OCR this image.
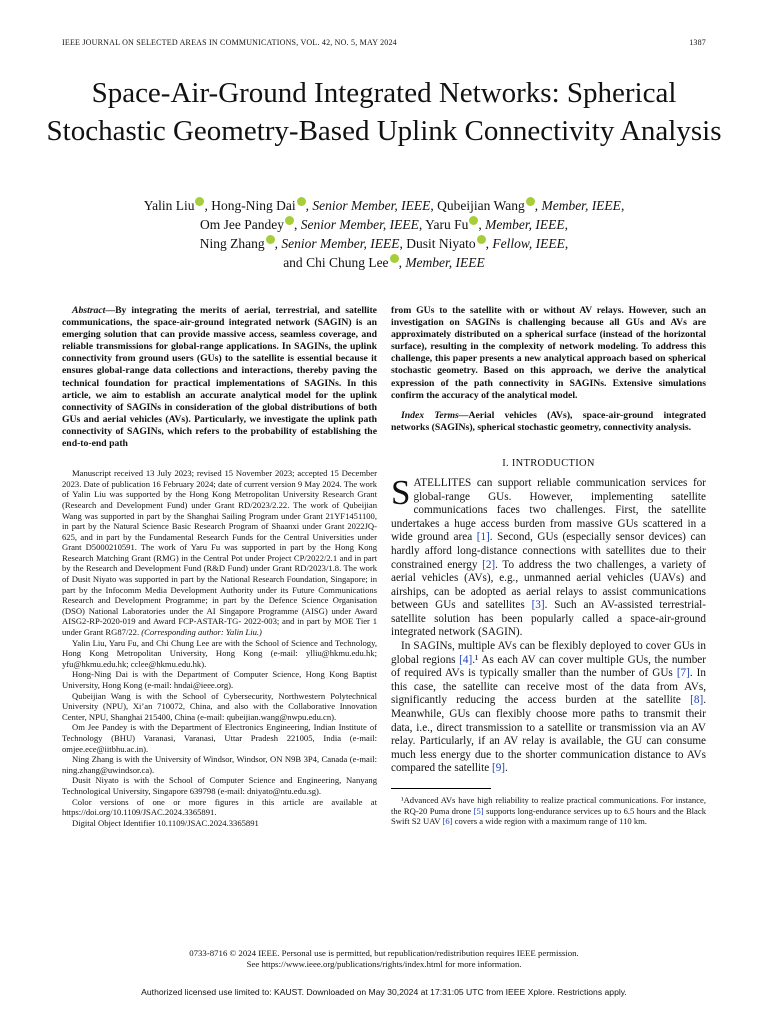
IEEE JOURNAL ON SELECTED AREAS IN COMMUNICATIONS, VOL. 42, NO. 5, MAY 2024	1387
Space-Air-Ground Integrated Networks: Spherical Stochastic Geometry-Based Uplink Connectivity Analysis
Yalin Liu , Hong-Ning Dai , Senior Member, IEEE, Qubeijian Wang , Member, IEEE,
Om Jee Pandey , Senior Member, IEEE, Yaru Fu , Member, IEEE,
Ning Zhang , Senior Member, IEEE, Dusit Niyato , Fellow, IEEE,
and Chi Chung Lee , Member, IEEE

Abstract—By integrating the merits of aerial, terrestrial, and satellite communications, the space-air-ground integrated network (SAGIN) is an emerging solution that can provide massive access, seamless coverage, and reliable transmissions for global-range applications. In SAGINs, the uplink connectivity from ground users (GUs) to the satellite is essential because it ensures global-range data collections and interactions, thereby paving the technical foundation for practical implementations of SAGINs. In this article, we aim to establish an accurate analytical model for the uplink connectivity of SAGINs in consideration of the global distributions of both GUs and aerial vehicles (AVs). Particularly, we investigate the uplink path connectivity of SAGINs, which refers to the probability of establishing the end-to-end path

Manuscript received 13 July 2023; revised 15 November 2023; accepted 15 December 2023. Date of publication 16 February 2024; date of current version 9 May 2024. The work of Yalin Liu was supported by the Hong Kong Metropolitan University Research Grant (Research and Development Fund) under Grant RD/2023/2.22. The work of Qubeijian Wang was supported in part by the Shanghai Sailing Program under Grant 21YF1451100, in part by the Natural Science Basic Research Program of Shaanxi under Grant 2022JQ-625, and in part by the Fundamental Research Funds for the Central Universities under Grant D5000210591. The work of Yaru Fu was supported in part by the Hong Kong Research Matching Grant (RMG) in the Central Pot under Project CP/2022/2.1 and in part by the Research and Development Fund (R&D Fund) under Grant RD/2023/1.8. The work of Dusit Niyato was supported in part by the National Research Foundation, Singapore; in part by the Infocomm Media Development Authority under its Future Communications Research and Development Programme; in part by the Defence Science Organisation (DSO) National Laboratories under the AI Singapore Programme (AISG) under Award AISG2-RP-2020-019 and Award FCP-ASTAR-TG- 2022-003; and in part by MOE Tier 1 under Grant RG87/22. (Corresponding author: Yalin Liu.)

Yalin Liu, Yaru Fu, and Chi Chung Lee are with the School of Science and Technology, Hong Kong Metropolitan University, Hong Kong (e-mail: ylliu@hkmu.edu.hk; yfu@hkmu.edu.hk; cclee@hkmu.edu.hk).

Hong-Ning Dai is with the Department of Computer Science, Hong Kong Baptist University, Hong Kong (e-mail: hndai@ieee.org).

Qubeijian Wang is with the School of Cybersecurity, Northwestern Polytechnical University (NPU), Xi’an 710072, China, and also with the Collaborative Innovation Center, NPU, Shanghai 215400, China (e-mail: qubeijian.wang@nwpu.edu.cn).

Om Jee Pandey is with the Department of Electronics Engineering, Indian Institute of Technology (BHU) Varanasi, Varanasi, Uttar Pradesh 221005, India (e-mail: omjee.ece@iitbhu.ac.in).

Ning Zhang is with the University of Windsor, Windsor, ON N9B 3P4, Canada (e-mail: ning.zhang@uwindsor.ca).

Dusit Niyato is with the School of Computer Science and Engineering, Nanyang Technological University, Singapore 639798 (e-mail: dniyato@ntu.edu.sg).

Color versions of one or more figures in this article are available at https://doi.org/10.1109/JSAC.2024.3365891.

Digital Object Identifier 10.1109/JSAC.2024.3365891

from GUs to the satellite with or without AV relays. However, such an investigation on SAGINs is challenging because all GUs and AVs are approximately distributed on a spherical surface (instead of the horizontal surface), resulting in the complexity of network modeling. To address this challenge, this paper presents a new analytical approach based on spherical stochastic geometry. Based on this approach, we derive the analytical expression of the path connectivity in SAGINs. Extensive simulations confirm the accuracy of the analytical model.

Index Terms—Aerial vehicles (AVs), space-air-ground integrated networks (SAGINs), spherical stochastic geometry, connectivity analysis.

I. INTRODUCTION

SATELLITES can support reliable communication services for global-range GUs. However, implementing satellite communications faces two challenges. First, the satellite undertakes a huge access burden from massive GUs scattered in a wide ground area [1]. Second, GUs (especially sensor devices) can hardly afford long-distance connections with satellites due to their constrained energy [2]. To address the two challenges, a variety of aerial vehicles (AVs), e.g., unmanned aerial vehicles (UAVs) and airships, can be adopted as aerial relays to assist communications between GUs and satellites [3]. Such an AV-assisted terrestrial-satellite solution has been popularly called a space-air-ground integrated network (SAGIN).

In SAGINs, multiple AVs can be flexibly deployed to cover GUs in global regions [4].¹ As each AV can cover multiple GUs, the number of required AVs is typically smaller than the number of GUs [7]. In this case, the satellite can receive most of the data from AVs, significantly reducing the access burden at the satellite [8]. Meanwhile, GUs can flexibly choose more paths to transmit their data, i.e., direct transmission to a satellite or transmission via an AV relay. Particularly, if an AV relay is available, the GU can consume much less energy due to the shorter communication distance to AVs compared the satellite [9].

¹Advanced AVs have high reliability to realize practical communications. For instance, the RQ-20 Puma drone [5] supports long-endurance services up to 6.5 hours and the Black Swift S2 UAV [6] covers a wide region with a maximum range of 110 km.

0733-8716 © 2024 IEEE. Personal use is permitted, but republication/redistribution requires IEEE permission.

See https://www.ieee.org/publications/rights/index.html for more information.

Authorized licensed use limited to: KAUST. Downloaded on May 30,2024 at 17:31:05 UTC from IEEE Xplore. Restrictions apply.
